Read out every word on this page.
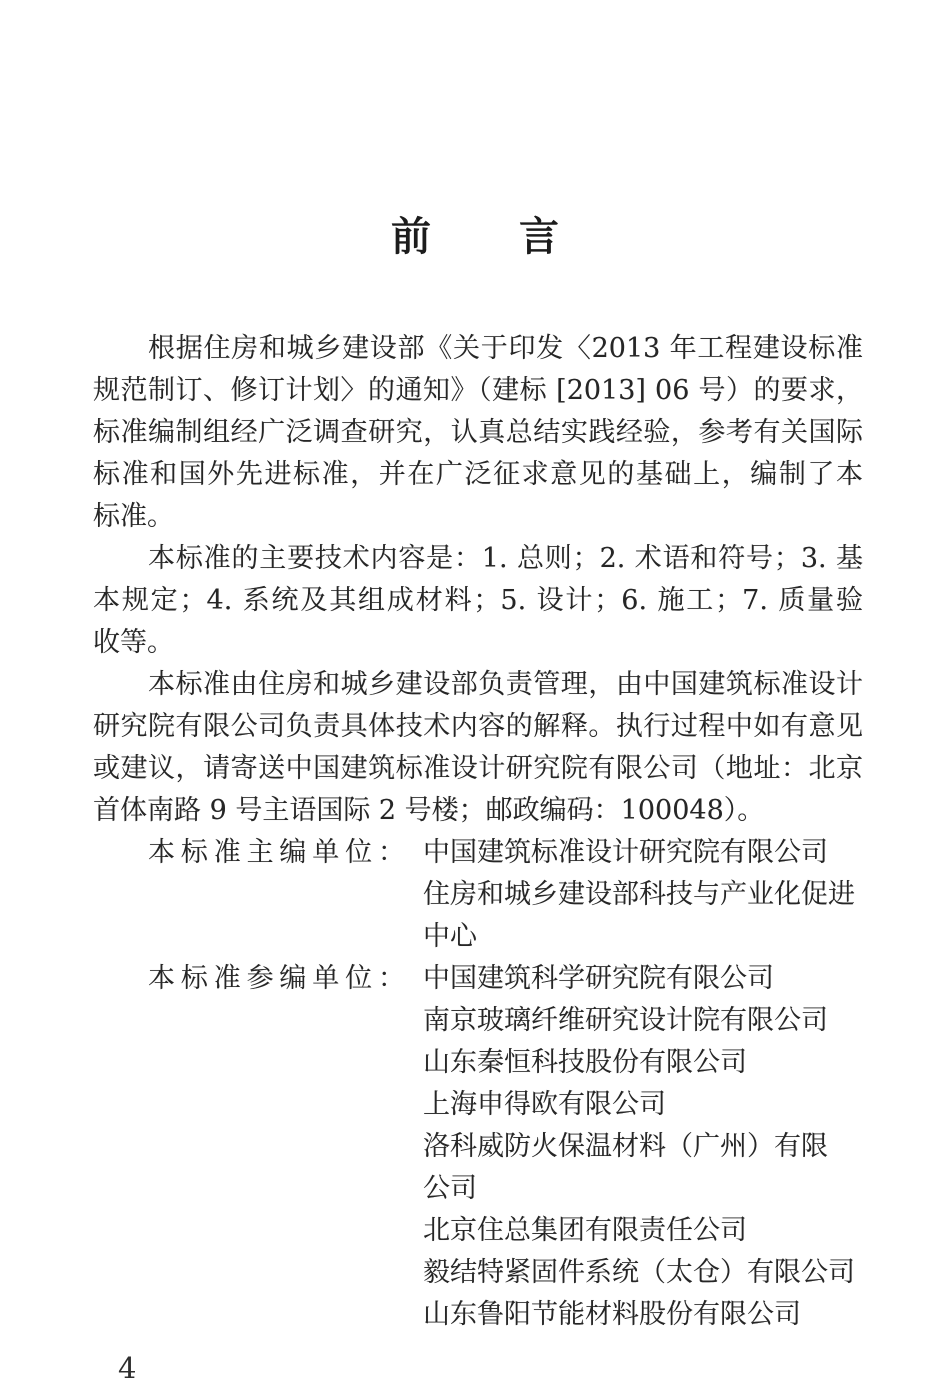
前 言
根据住房和城乡建设部《关于印发〈2013 年工程建设标准
规范制订、修订计划〉的通知》（建标 [2013] 06 号）的要求，
标准编制组经广泛调查研究，认真总结实践经验，参考有关国际
标准和国外先进标准，并在广泛征求意见的基础上，编制了本
标准。
本标准的主要技术内容是：1. 总则；2. 术语和符号；3. 基
本规定；4. 系统及其组成材料；5. 设计；6. 施工；7. 质量验
收等。
本标准由住房和城乡建设部负责管理，由中国建筑标准设计
研究院有限公司负责具体技术内容的解释。执行过程中如有意见
或建议，请寄送中国建筑标准设计研究院有限公司（地址：北京
首体南路 9 号主语国际 2 号楼；邮政编码：100048）。
本标准主编单位： 中国建筑标准设计研究院有限公司
住房和城乡建设部科技与产业化促进
中心
本标准参编单位： 中国建筑科学研究院有限公司
南京玻璃纤维研究设计院有限公司
山东秦恒科技股份有限公司
上海申得欧有限公司
洛科威防火保温材料（广州）有限
公司
北京住总集团有限责任公司
毅结特紧固件系统（太仓）有限公司
山东鲁阳节能材料股份有限公司
4
